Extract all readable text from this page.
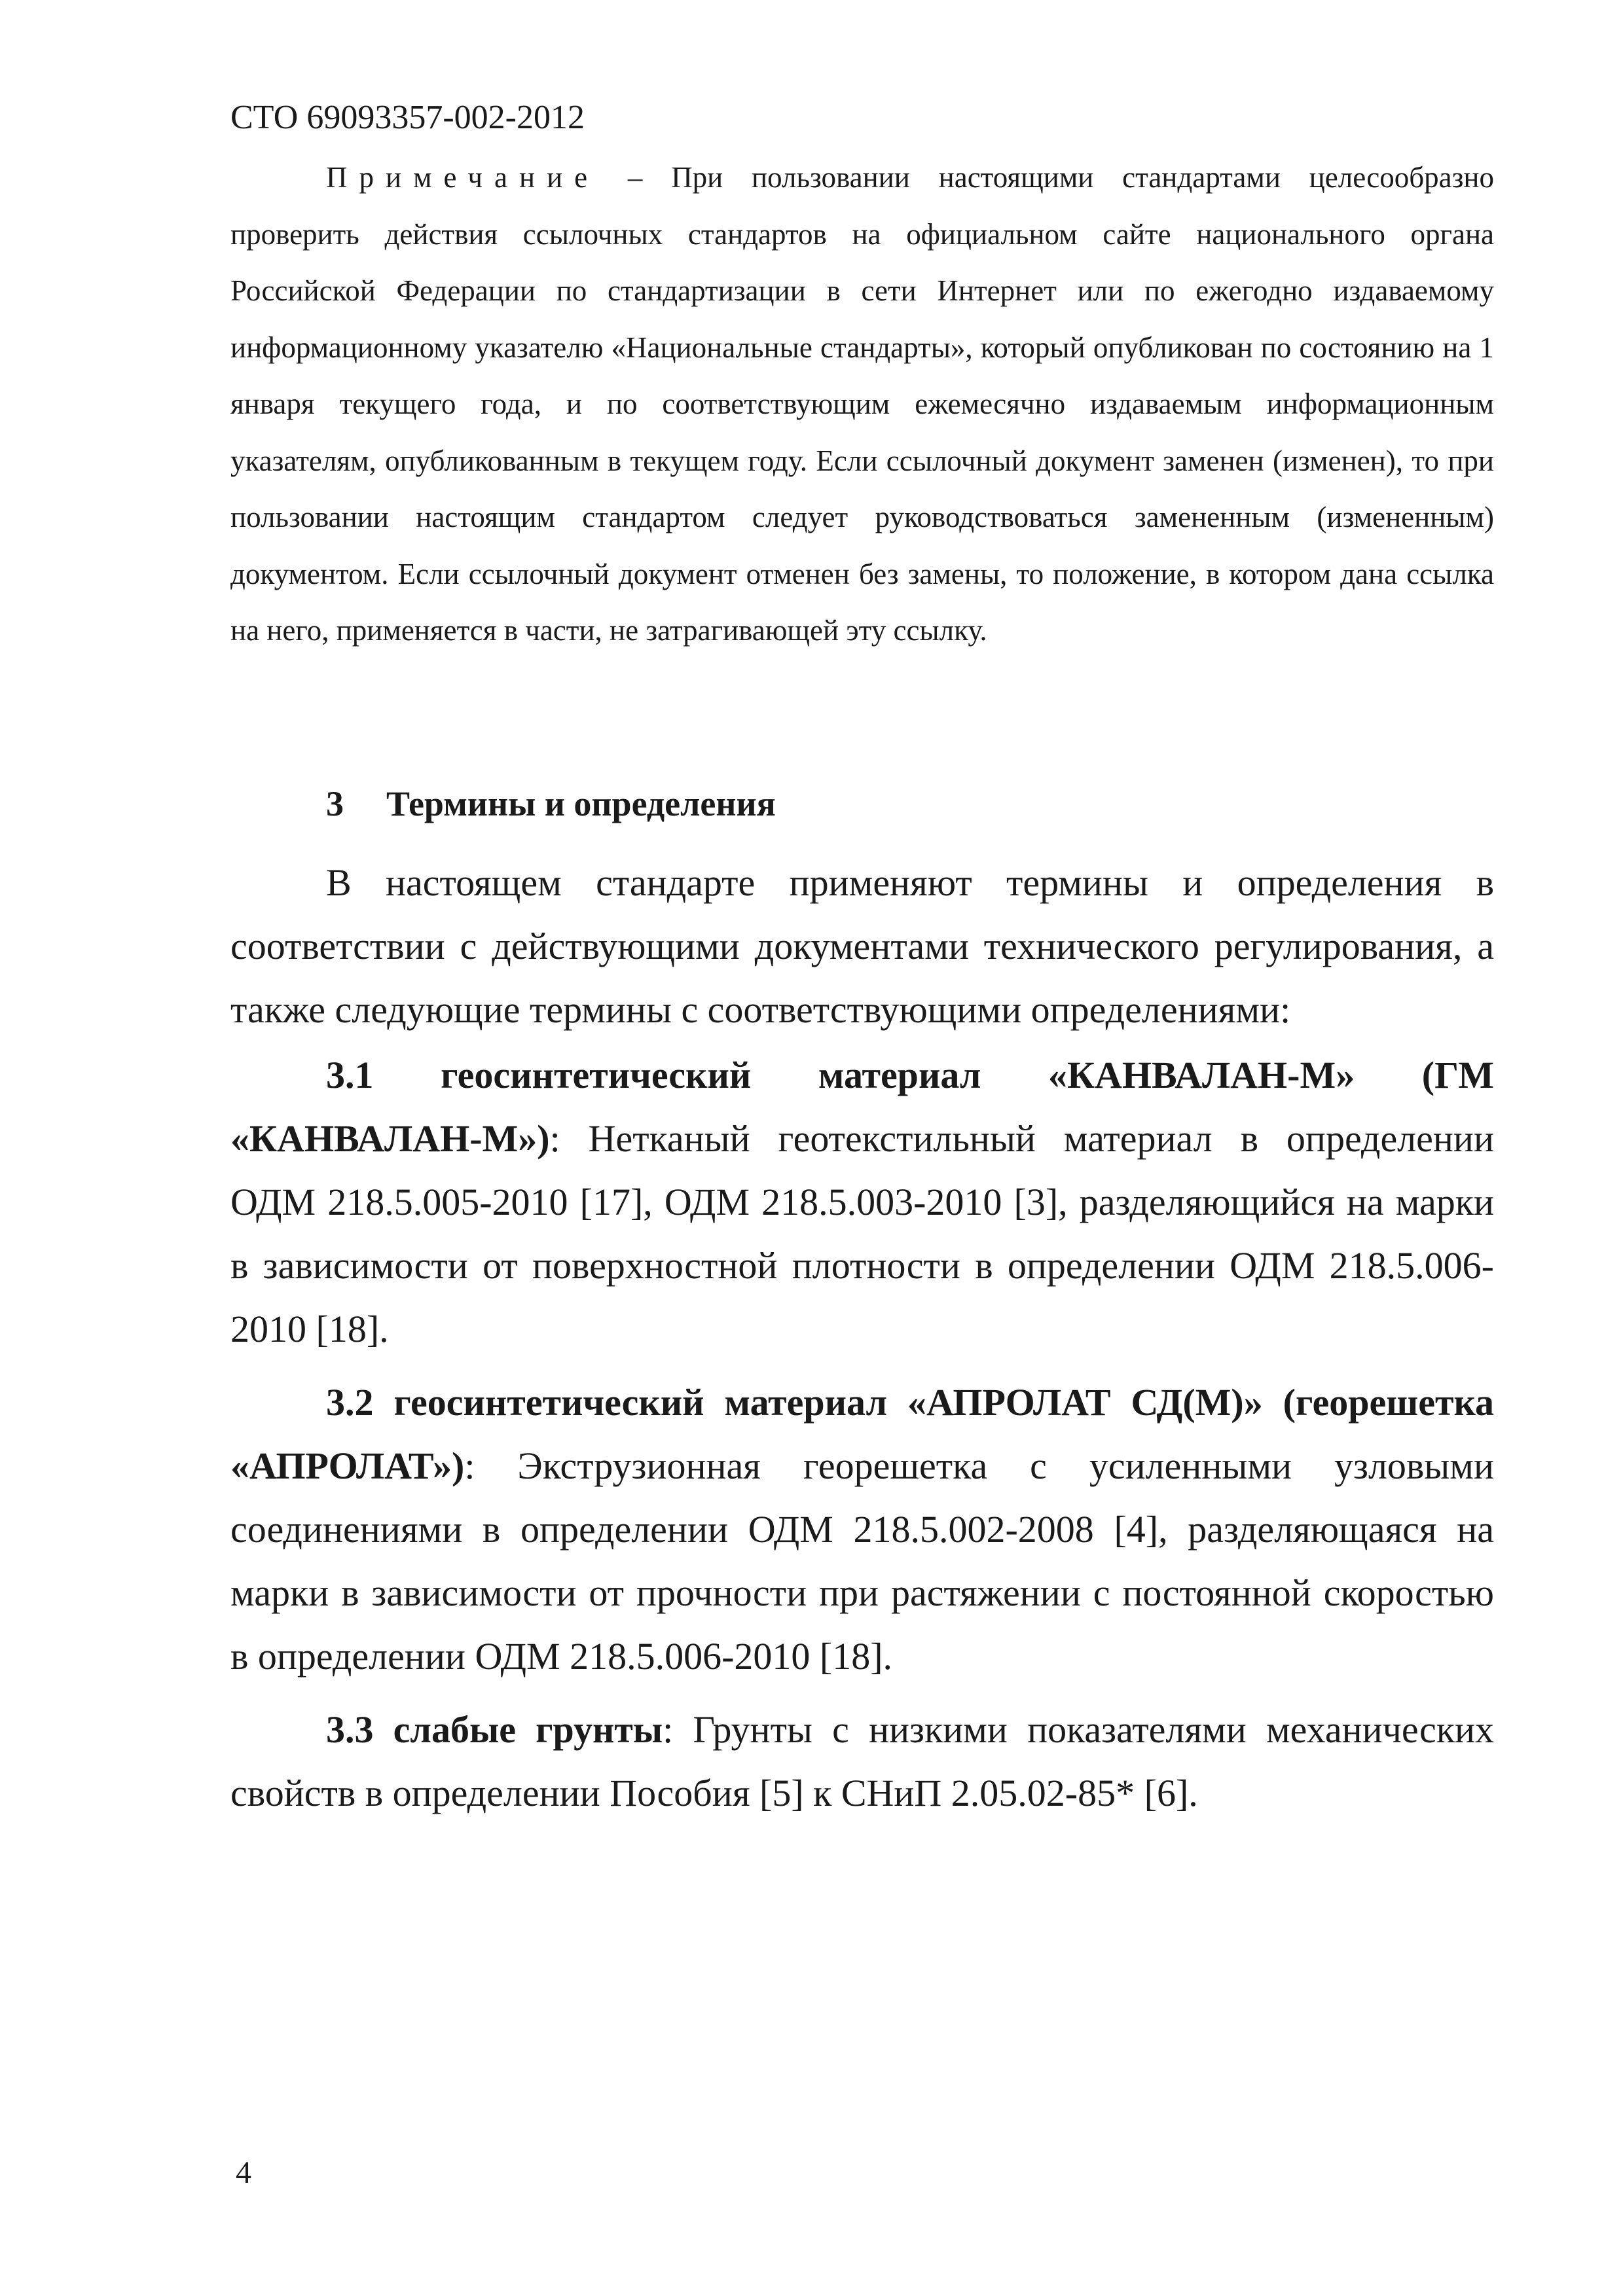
СТО 69093357-002-2012

Примечание – При пользовании настоящими стандартами целесообразно проверить действия ссылочных стандартов на официальном сайте национального органа Российской Федерации по стандартизации в сети Интернет или по ежегодно издаваемому информационному указателю «Национальные стандарты», который опубликован по состоянию на 1 января текущего года, и по соответствующим ежемесячно издаваемым информационным указателям, опубликованным в текущем году. Если ссылочный документ заменен (изменен), то при пользовании настоящим стандартом следует руководствоваться замененным (измененным) документом. Если ссылочный документ отменен без замены, то положение, в котором дана ссылка на него, применяется в части, не затрагивающей эту ссылку.

3 Термины и определения

В настоящем стандарте применяют термины и определения в соответствии с действующими документами технического регулирования, а также следующие термины с соответствующими определениями:

3.1 геосинтетический материал «КАНВАЛАН-М» (ГМ «КАНВАЛАН-М»): Нетканый геотекстильный материал в определении ОДМ 218.5.005-2010 [17], ОДМ 218.5.003-2010 [3], разделяющийся на марки в зависимости от поверхностной плотности в определении ОДМ 218.5.006-2010 [18].

3.2 геосинтетический материал «АПРОЛАТ СД(М)» (георешетка «АПРОЛАТ»): Экструзионная георешетка с усиленными узловыми соединениями в определении ОДМ 218.5.002-2008 [4], разделяющаяся на марки в зависимости от прочности при растяжении с постоянной скоростью в определении ОДМ 218.5.006-2010 [18].

3.3 слабые грунты: Грунты с низкими показателями механических свойств в определении Пособия [5] к СНиП 2.05.02-85* [6].

4
